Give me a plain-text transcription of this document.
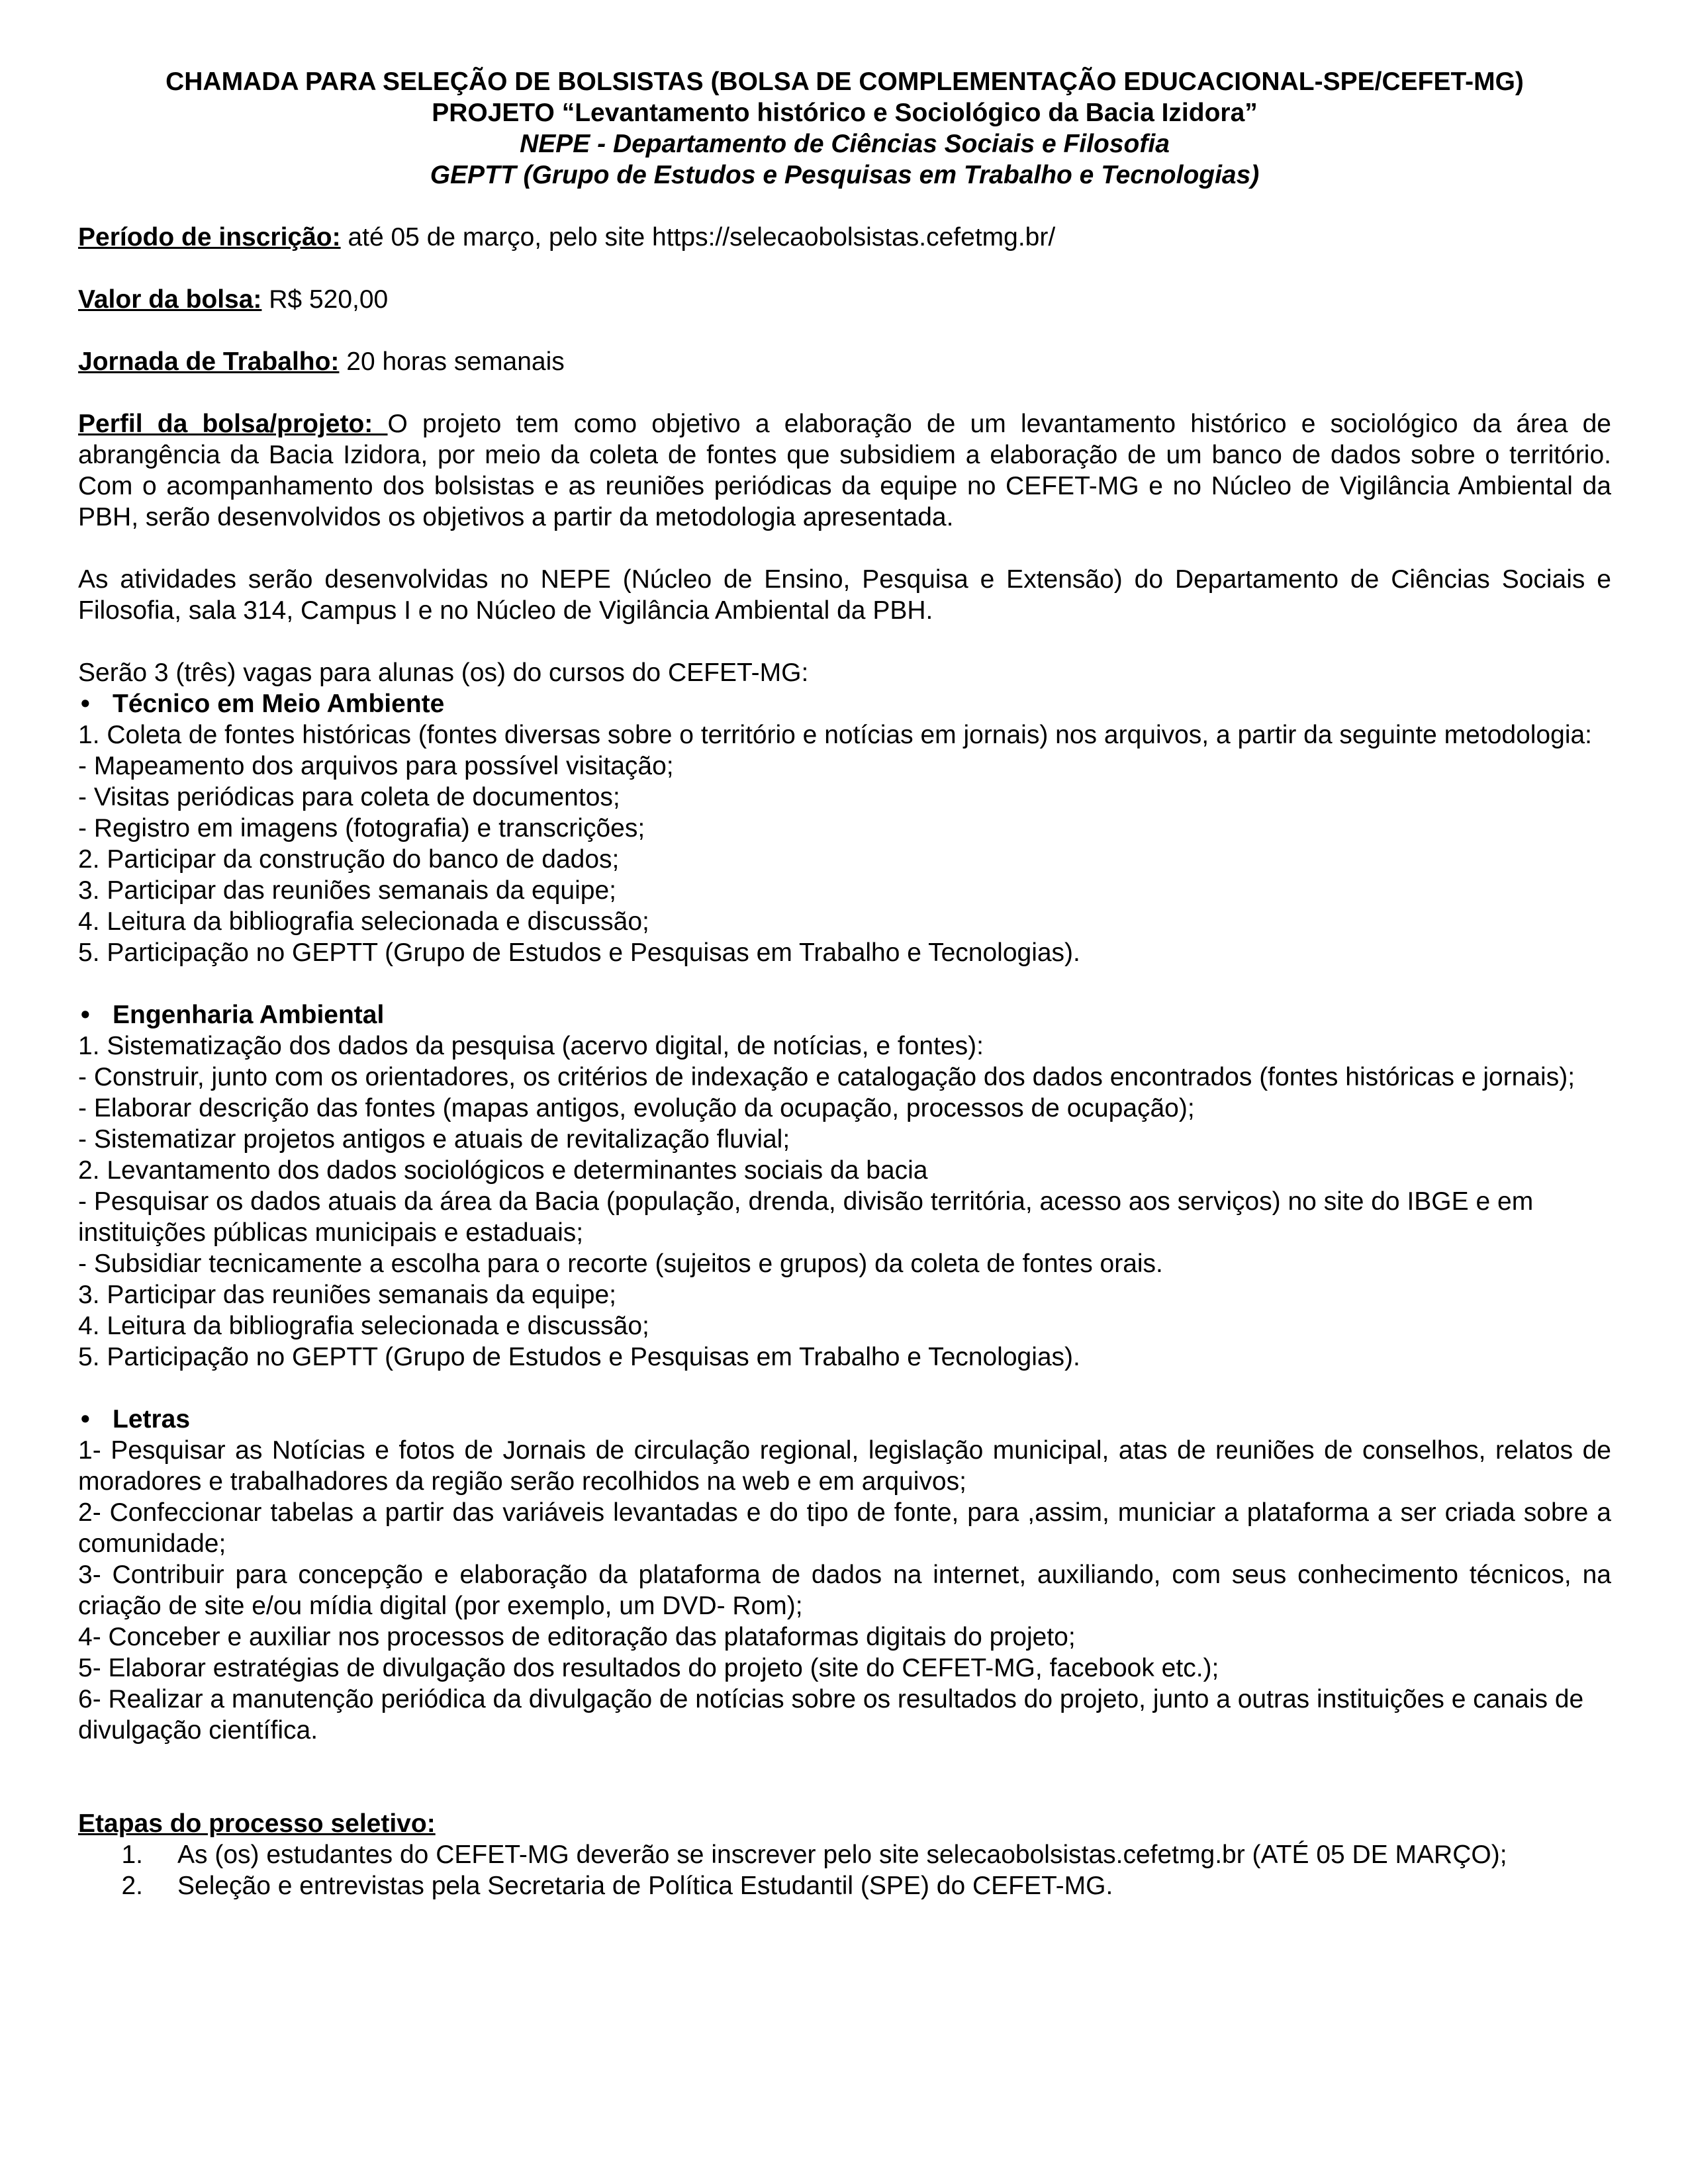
CHAMADA PARA SELEÇÃO DE BOLSISTAS (BOLSA DE COMPLEMENTAÇÃO EDUCACIONAL-SPE/CEFET-MG)
PROJETO “Levantamento histórico e Sociológico da Bacia Izidora”
NEPE - Departamento de Ciências Sociais e Filosofia
GEPTT (Grupo de Estudos e Pesquisas em Trabalho e Tecnologias)

Período de inscrição: até 05 de março, pelo site https://selecaobolsistas.cefetmg.br/

Valor da bolsa: R$ 520,00

Jornada de Trabalho: 20 horas semanais

Perfil da bolsa/projeto: O projeto tem como objetivo a elaboração de um levantamento histórico e sociológico da área de abrangência da Bacia Izidora, por meio da coleta de fontes que subsidiem a elaboração de um banco de dados sobre o território. Com o acompanhamento dos bolsistas e as reuniões periódicas da equipe no CEFET-MG e no Núcleo de Vigilância Ambiental da PBH, serão desenvolvidos os objetivos a partir da metodologia apresentada.

As atividades serão desenvolvidas no NEPE (Núcleo de Ensino, Pesquisa e Extensão) do Departamento de Ciências Sociais e Filosofia, sala 314, Campus I e no Núcleo de Vigilância Ambiental da PBH.

Serão 3 (três) vagas para alunas (os) do cursos do CEFET-MG:

• Técnico em Meio Ambiente

1. Coleta de fontes históricas (fontes diversas sobre o território e notícias em jornais) nos arquivos, a partir da seguinte metodologia:

- Mapeamento dos arquivos para possível visitação;

- Visitas periódicas para coleta de documentos;

- Registro em imagens (fotografia) e transcrições;

2. Participar da construção do banco de dados;

3. Participar das reuniões semanais da equipe;

4. Leitura da bibliografia selecionada e discussão;

5. Participação no GEPTT (Grupo de Estudos e Pesquisas em Trabalho e Tecnologias).

• Engenharia Ambiental

1. Sistematização dos dados da pesquisa (acervo digital, de notícias, e fontes):

- Construir, junto com os orientadores, os critérios de indexação e catalogação dos dados encontrados (fontes históricas e jornais);

- Elaborar descrição das fontes (mapas antigos, evolução da ocupação, processos de ocupação);

- Sistematizar projetos antigos e atuais de revitalização fluvial;

2. Levantamento dos dados sociológicos e determinantes sociais da bacia

- Pesquisar os dados atuais da área da Bacia (população, drenda, divisão territória, acesso aos serviços) no site do IBGE e em instituições públicas municipais e estaduais;

- Subsidiar tecnicamente a escolha para o recorte (sujeitos e grupos) da coleta de fontes orais.

3. Participar das reuniões semanais da equipe;

4. Leitura da bibliografia selecionada e discussão;

5. Participação no GEPTT (Grupo de Estudos e Pesquisas em Trabalho e Tecnologias).

• Letras

1- Pesquisar as Notícias e fotos de Jornais de circulação regional, legislação municipal, atas de reuniões de conselhos, relatos de moradores e trabalhadores da região serão recolhidos na web e em arquivos;

2- Confeccionar tabelas a partir das variáveis levantadas e do tipo de fonte, para ,assim, municiar a plataforma a ser criada sobre a comunidade;

3- Contribuir para concepção e elaboração da plataforma de dados na internet, auxiliando, com seus conhecimento técnicos, na criação de site e/ou mídia digital (por exemplo, um DVD- Rom);

4- Conceber e auxiliar nos processos de editoração das plataformas digitais do projeto;

5- Elaborar estratégias de divulgação dos resultados do projeto (site do CEFET-MG, facebook etc.);

6- Realizar a manutenção periódica da divulgação de notícias sobre os resultados do projeto, junto a outras instituições e canais de divulgação científica.

Etapas do processo seletivo:

1.	As (os) estudantes do CEFET-MG deverão se inscrever pelo site selecaobolsistas.cefetmg.br (ATÉ 05 DE MARÇO);
2.	Seleção e entrevistas pela Secretaria de Política Estudantil (SPE) do CEFET-MG.
